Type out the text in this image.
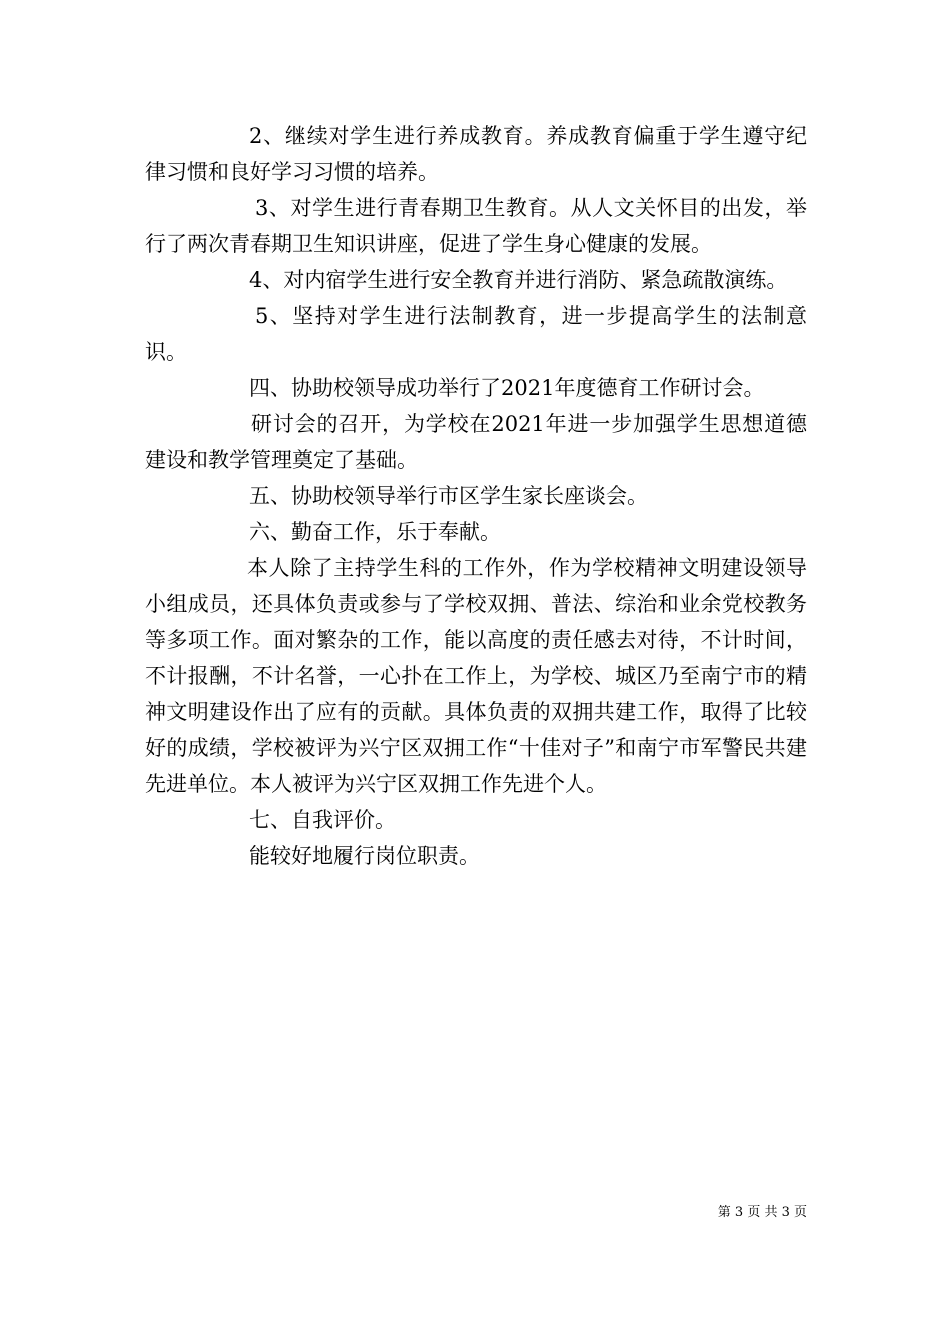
2、继续对学生进行养成教育。养成教育偏重于学生遵守纪律习惯和良好学习习惯的培养。

3、对学生进行青春期卫生教育。从人文关怀目的出发，举行了两次青春期卫生知识讲座，促进了学生身心健康的发展。

4、对内宿学生进行安全教育并进行消防、紧急疏散演练。

5、坚持对学生进行法制教育，进一步提高学生的法制意识。

四、协助校领导成功举行了2021年度德育工作研讨会。

研讨会的召开，为学校在2021年进一步加强学生思想道德建设和教学管理奠定了基础。

五、协助校领导举行市区学生家长座谈会。

六、勤奋工作，乐于奉献。

本人除了主持学生科的工作外，作为学校精神文明建设领导小组成员，还具体负责或参与了学校双拥、普法、综治和业余党校教务等多项工作。面对繁杂的工作，能以高度的责任感去对待，不计时间，不计报酬，不计名誉，一心扑在工作上，为学校、城区乃至南宁市的精神文明建设作出了应有的贡献。具体负责的双拥共建工作，取得了比较好的成绩，学校被评为兴宁区双拥工作“十佳对子”和南宁市军警民共建先进单位。本人被评为兴宁区双拥工作先进个人。

七、自我评价。

能较好地履行岗位职责。

第 3 页 共 3 页
